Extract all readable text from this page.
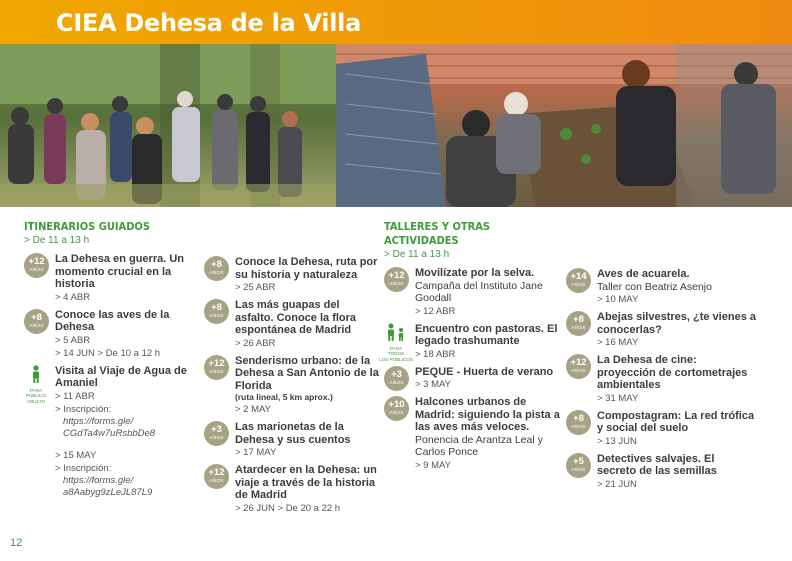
CIEA Dehesa de la Villa
ITINERARIOS GUIADOS
> De 11 a 13 h
+12
AÑOS
La Dehesa en guerra. Un momento crucial en la historia
> 4 ABR
+8
AÑOS
Conoce las aves de la Dehesa
> 5 ABR
> 14 JUN > De 10 a 12 h
PARA
PÚBLICO
ADULTO
Visita al Viaje de Agua de Amaniel
> 11 ABR
> Inscripción:
https://forms.gle/
CGdTa4w7uRsbbDe8
> 15 MAY
> Inscripción:
https://forms.gle/
a8Aabyg9zLeJL87L9
+8
AÑOS
Conoce la Dehesa, ruta por su historia y naturaleza
> 25 ABR
+8
AÑOS
Las más guapas del asfalto. Conoce la flora espontánea de Madrid
> 26 ABR
+12
AÑOS
Senderismo urbano: de la Dehesa a San Antonio de la Florida
(ruta lineal, 5 km aprox.)
> 2 MAY
+3
AÑOS
Las marionetas de la Dehesa y sus cuentos
> 17 MAY
+12
AÑOS
Atardecer en la Dehesa: un viaje a través de la historia de Madrid
> 26 JUN > De 20 a 22 h
TALLERES Y OTRAS
ACTIVIDADES
> De 11 a 13 h
+12
AÑOS
Movilízate por la selva.
Campaña del Instituto Jane Goodall
> 12 ABR
PARA
TODOS
LOS PÚBLICOS
Encuentro con pastoras. El legado trashumante
> 18 ABR
+3
AÑOS
PEQUE - Huerta de verano
> 3 MAY
+10
AÑOS
Halcones urbanos de Madrid: siguiendo la pista a las aves más veloces.
Ponencia de Arantza Leal y Carlos Ponce
> 9 MAY
+14
AÑOS
Aves de acuarela.
Taller con Beatriz Asenjo
> 10 MAY
+8
AÑOS
Abejas silvestres, ¿te vienes a conocerlas?
> 16 MAY
+12
AÑOS
La Dehesa de cine: proyección de cortometrajes ambientales
> 31 MAY
+8
AÑOS
Compostagram: La red trófica y social del suelo
> 13 JUN
+5
AÑOS
Detectives salvajes. El secreto de las semillas
> 21 JUN
12
